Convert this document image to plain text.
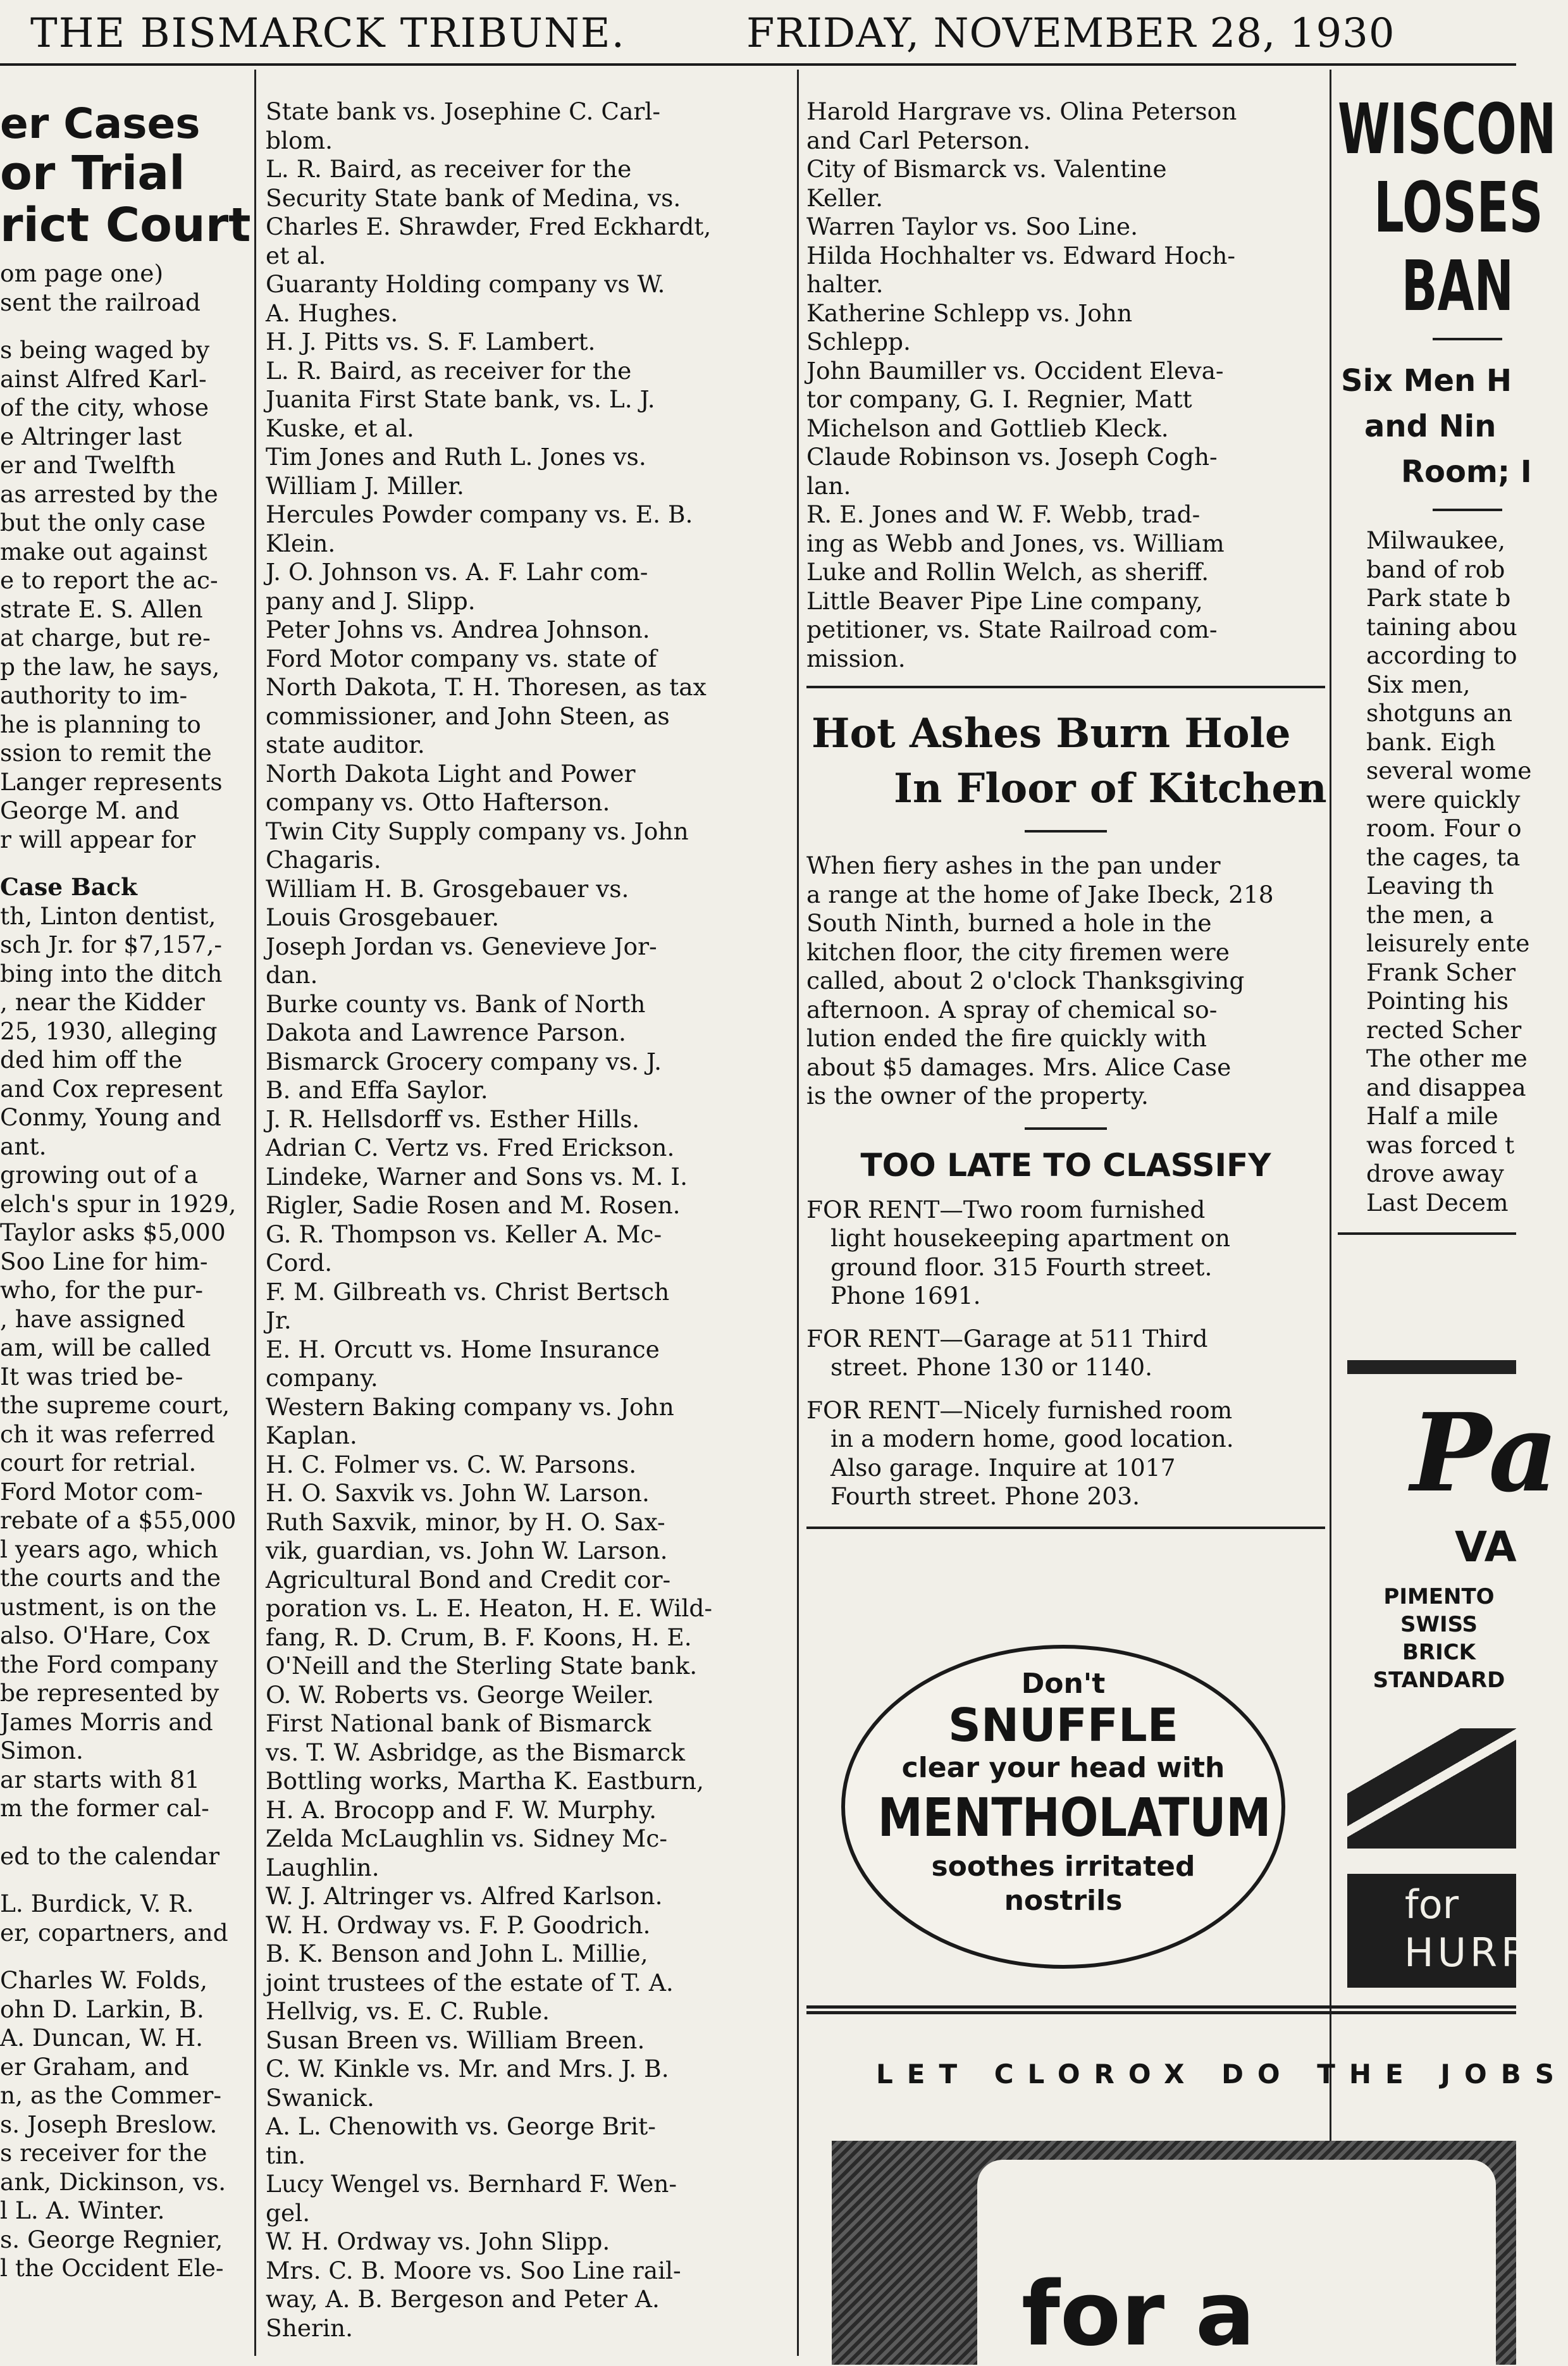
THE BISMARCK TRIBUNE.	FRIDAY, NOVEMBER 28, 1930
er Cases
or Trial
rict Court

om page one)

sent the railroad

s being waged by

ainst Alfred Karl-

of the city, whose

e Altringer last

er and Twelfth

as arrested by the

but the only case

make out against

e to report the ac-

strate E. S. Allen

at charge, but re-

p the law, he says,

authority to im-

he is planning to

ssion to remit the

Langer represents

George M. and

r will appear for

Case Back

th, Linton dentist,

sch Jr. for $7,157,-

bing into the ditch

, near the Kidder

25, 1930, alleging

ded him off the

and Cox represent

Conmy, Young and

ant.

growing out of a

elch's spur in 1929,

Taylor asks $5,000

Soo Line for him-

who, for the pur-

, have assigned

am, will be called

It was tried be-

the supreme court,

ch it was referred

court for retrial.

Ford Motor com-

rebate of a $55,000

l years ago, which

the courts and the

ustment, is on the

also. O'Hare, Cox

the Ford company

be represented by

James Morris and

Simon.

ar starts with 81

m the former cal-

ed to the calendar

L. Burdick, V. R.

er, copartners, and

Charles W. Folds,

ohn D. Larkin, B.

A. Duncan, W. H.

er Graham, and

n, as the Commer-

s. Joseph Breslow.

s receiver for the

ank, Dickinson, vs.

l L. A. Winter.

s. George Regnier,

l the Occident Ele-

State bank vs. Josephine C. Carl-

blom.

L. R. Baird, as receiver for the

Security State bank of Medina, vs.

Charles E. Shrawder, Fred Eckhardt,

et al.

Guaranty Holding company vs W.

A. Hughes.

H. J. Pitts vs. S. F. Lambert.

L. R. Baird, as receiver for the

Juanita First State bank, vs. L. J.

Kuske, et al.

Tim Jones and Ruth L. Jones vs.

William J. Miller.

Hercules Powder company vs. E. B.

Klein.

J. O. Johnson vs. A. F. Lahr com-

pany and J. Slipp.

Peter Johns vs. Andrea Johnson.

Ford Motor company vs. state of

North Dakota, T. H. Thoresen, as tax

commissioner, and John Steen, as

state auditor.

North Dakota Light and Power

company vs. Otto Hafterson.

Twin City Supply company vs. John

Chagaris.

William H. B. Grosgebauer vs.

Louis Grosgebauer.

Joseph Jordan vs. Genevieve Jor-

dan.

Burke county vs. Bank of North

Dakota and Lawrence Parson.

Bismarck Grocery company vs. J.

B. and Effa Saylor.

J. R. Hellsdorff vs. Esther Hills.

Adrian C. Vertz vs. Fred Erickson.

Lindeke, Warner and Sons vs. M. I.

Rigler, Sadie Rosen and M. Rosen.

G. R. Thompson vs. Keller A. Mc-

Cord.

F. M. Gilbreath vs. Christ Bertsch

Jr.

E. H. Orcutt vs. Home Insurance

company.

Western Baking company vs. John

Kaplan.

H. C. Folmer vs. C. W. Parsons.

H. O. Saxvik vs. John W. Larson.

Ruth Saxvik, minor, by H. O. Sax-

vik, guardian, vs. John W. Larson.

Agricultural Bond and Credit cor-

poration vs. L. E. Heaton, H. E. Wild-

fang, R. D. Crum, B. F. Koons, H. E.

O'Neill and the Sterling State bank.

O. W. Roberts vs. George Weiler.

First National bank of Bismarck

vs. T. W. Asbridge, as the Bismarck

Bottling works, Martha K. Eastburn,

H. A. Brocopp and F. W. Murphy.

Zelda McLaughlin vs. Sidney Mc-

Laughlin.

W. J. Altringer vs. Alfred Karlson.

W. H. Ordway vs. F. P. Goodrich.

B. K. Benson and John L. Millie,

joint trustees of the estate of T. A.

Hellvig, vs. E. C. Ruble.

Susan Breen vs. William Breen.

C. W. Kinkle vs. Mr. and Mrs. J. B.

Swanick.

A. L. Chenowith vs. George Brit-

tin.

Lucy Wengel vs. Bernhard F. Wen-

gel.

W. H. Ordway vs. John Slipp.

Mrs. C. B. Moore vs. Soo Line rail-

way, A. B. Bergeson and Peter A.

Sherin.

Harold Hargrave vs. Olina Peterson

and Carl Peterson.

City of Bismarck vs. Valentine

Keller.

Warren Taylor vs. Soo Line.

Hilda Hochhalter vs. Edward Hoch-

halter.

Katherine Schlepp vs. John

Schlepp.

John Baumiller vs. Occident Eleva-

tor company, G. I. Regnier, Matt

Michelson and Gottlieb Kleck.

Claude Robinson vs. Joseph Cogh-

lan.

R. E. Jones and W. F. Webb, trad-

ing as Webb and Jones, vs. William

Luke and Rollin Welch, as sheriff.

Little Beaver Pipe Line company,

petitioner, vs. State Railroad com-

mission.

Hot Ashes Burn Hole
In Floor of Kitchen

When fiery ashes in the pan under

a range at the home of Jake Ibeck, 218

South Ninth, burned a hole in the

kitchen floor, the city firemen were

called, about 2 o'clock Thanksgiving

afternoon. A spray of chemical so-

lution ended the fire quickly with

about $5 damages. Mrs. Alice Case

is the owner of the property.

TOO LATE TO CLASSIFY

FOR RENT—Two room furnished

light housekeeping apartment on

ground floor. 315 Fourth street.

Phone 1691.

FOR RENT—Garage at 511 Third

street. Phone 130 or 1140.

FOR RENT—Nicely furnished room

in a modern home, good location.

Also garage. Inquire at 1017

Fourth street. Phone 203.

Don't
SNUFFLE
clear your head with
MENTHOLATUM
soothes irritated
nostrils
LET CLOROX DO THE JOBS
for a
WISCON
LOSES
BAN
Six Men H
and Nin
Room; I

Milwaukee,

band of rob

Park state b

taining abou

according to

Six men,

shotguns an

bank. Eigh

several wome

were quickly

room. Four o

the cages, ta

Leaving th

the men, a

leisurely ente

Frank Scher

Pointing his

rected Scher

The other me

and disappea

Half a mile

was forced t

drove away

Last Decem

Pa
VA
PIMENTO
SWISS
BRICK
STANDARD
for
HURRY
